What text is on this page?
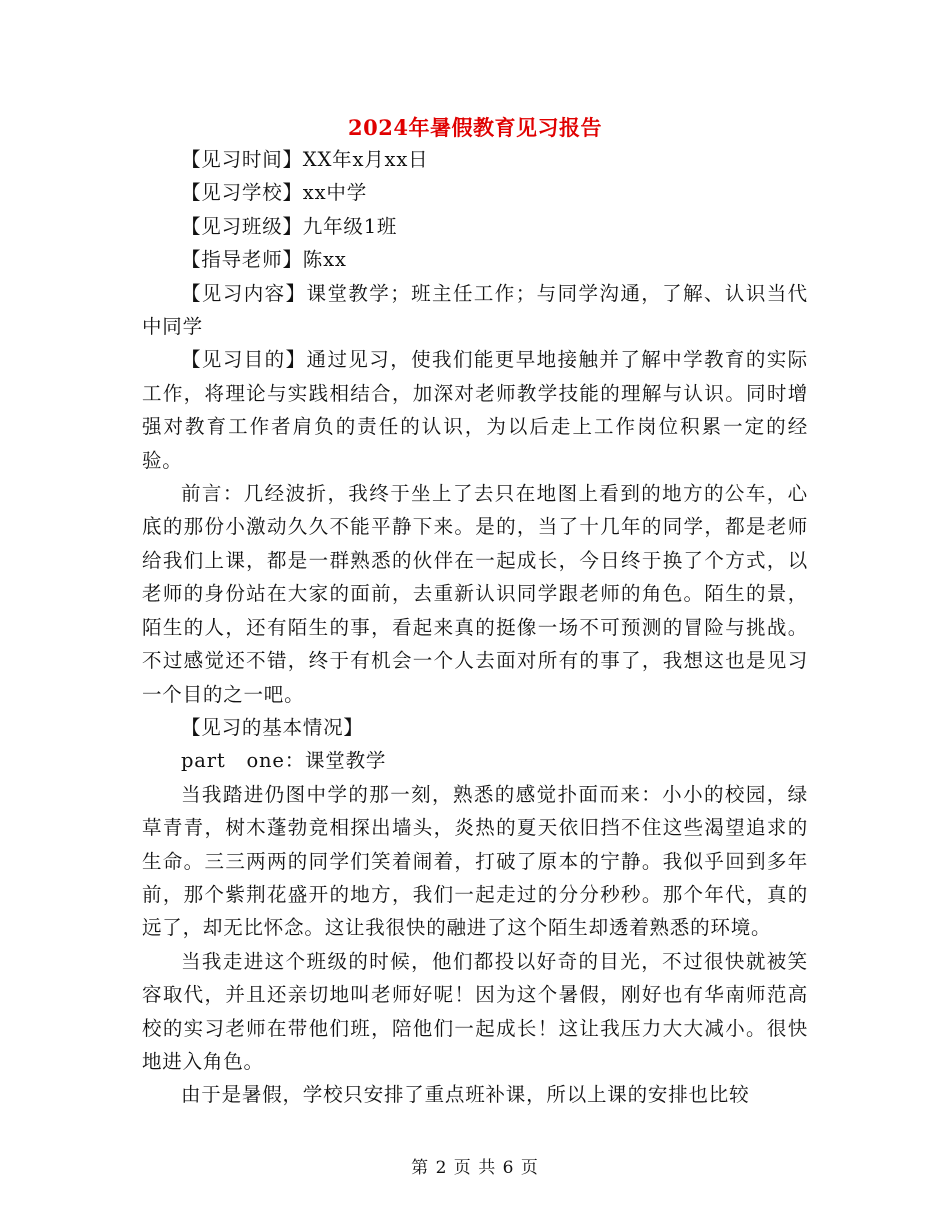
2024年暑假教育见习报告

【见习时间】XX年x月xx日

【见习学校】xx中学

【见习班级】九年级1班

【指导老师】陈xx

【见习内容】课堂教学；班主任工作；与同学沟通，了解、认识当代中同学

【见习目的】通过见习，使我们能更早地接触并了解中学教育的实际工作，将理论与实践相结合，加深对老师教学技能的理解与认识。同时增强对教育工作者肩负的责任的认识，为以后走上工作岗位积累一定的经验。

前言：几经波折，我终于坐上了去只在地图上看到的地方的公车，心底的那份小激动久久不能平静下来。是的，当了十几年的同学，都是老师给我们上课，都是一群熟悉的伙伴在一起成长，今日终于换了个方式，以老师的身份站在大家的面前，去重新认识同学跟老师的角色。陌生的景，陌生的人，还有陌生的事，看起来真的挺像一场不可预测的冒险与挑战。不过感觉还不错，终于有机会一个人去面对所有的事了，我想这也是见习一个目的之一吧。

【见习的基本情况】

part   one：课堂教学

当我踏进仍图中学的那一刻，熟悉的感觉扑面而来：小小的校园，绿草青青，树木蓬勃竞相探出墙头，炎热的夏天依旧挡不住这些渴望追求的生命。三三两两的同学们笑着闹着，打破了原本的宁静。我似乎回到多年前，那个紫荆花盛开的地方，我们一起走过的分分秒秒。那个年代，真的远了，却无比怀念。这让我很快的融进了这个陌生却透着熟悉的环境。

当我走进这个班级的时候，他们都投以好奇的目光，不过很快就被笑容取代，并且还亲切地叫老师好呢！因为这个暑假，刚好也有华南师范高校的实习老师在带他们班，陪他们一起成长！这让我压力大大减小。很快地进入角色。

由于是暑假，学校只安排了重点班补课，所以上课的安排也比较

第 2 页 共 6 页
